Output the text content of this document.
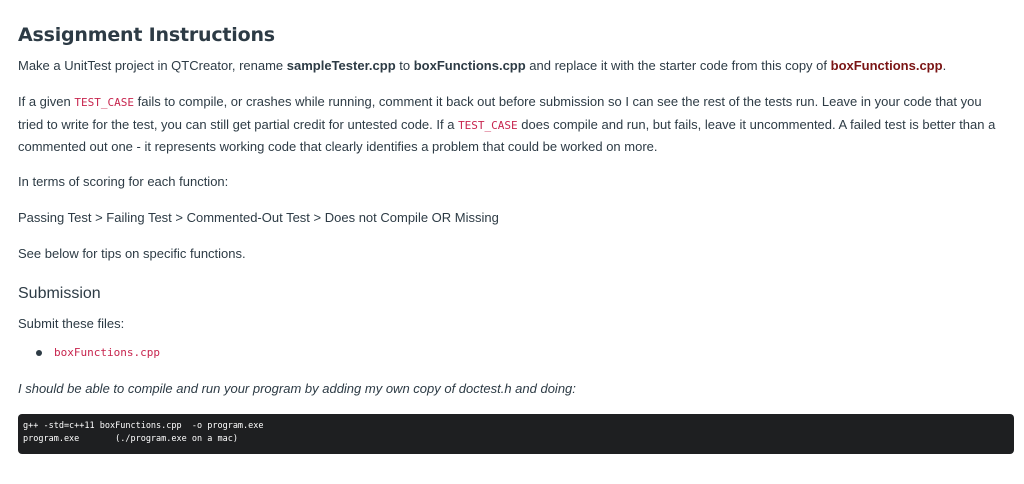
Assignment Instructions

Make a UnitTest project in QTCreator, rename sampleTester.cpp to boxFunctions.cpp and replace it with the starter code from this copy of boxFunctions.cpp.

If a given TEST_CASE fails to compile, or crashes while running, comment it back out before submission so I can see the rest of the tests run. Leave in your code that you tried to write for the test, you can still get partial credit for untested code. If a TEST_CASE does compile and run, but fails, leave it uncommented. A failed test is better than a commented out one - it represents working code that clearly identifies a problem that could be worked on more.

In terms of scoring for each function:

Passing Test > Failing Test > Commented-Out Test > Does not Compile OR Missing

See below for tips on specific functions.

Submission

Submit these files:

boxFunctions.cpp

I should be able to compile and run your program by adding my own copy of doctest.h and doing:

g++ -std=c++11 boxFunctions.cpp  -o program.exe
program.exe       (./program.exe on a mac)
